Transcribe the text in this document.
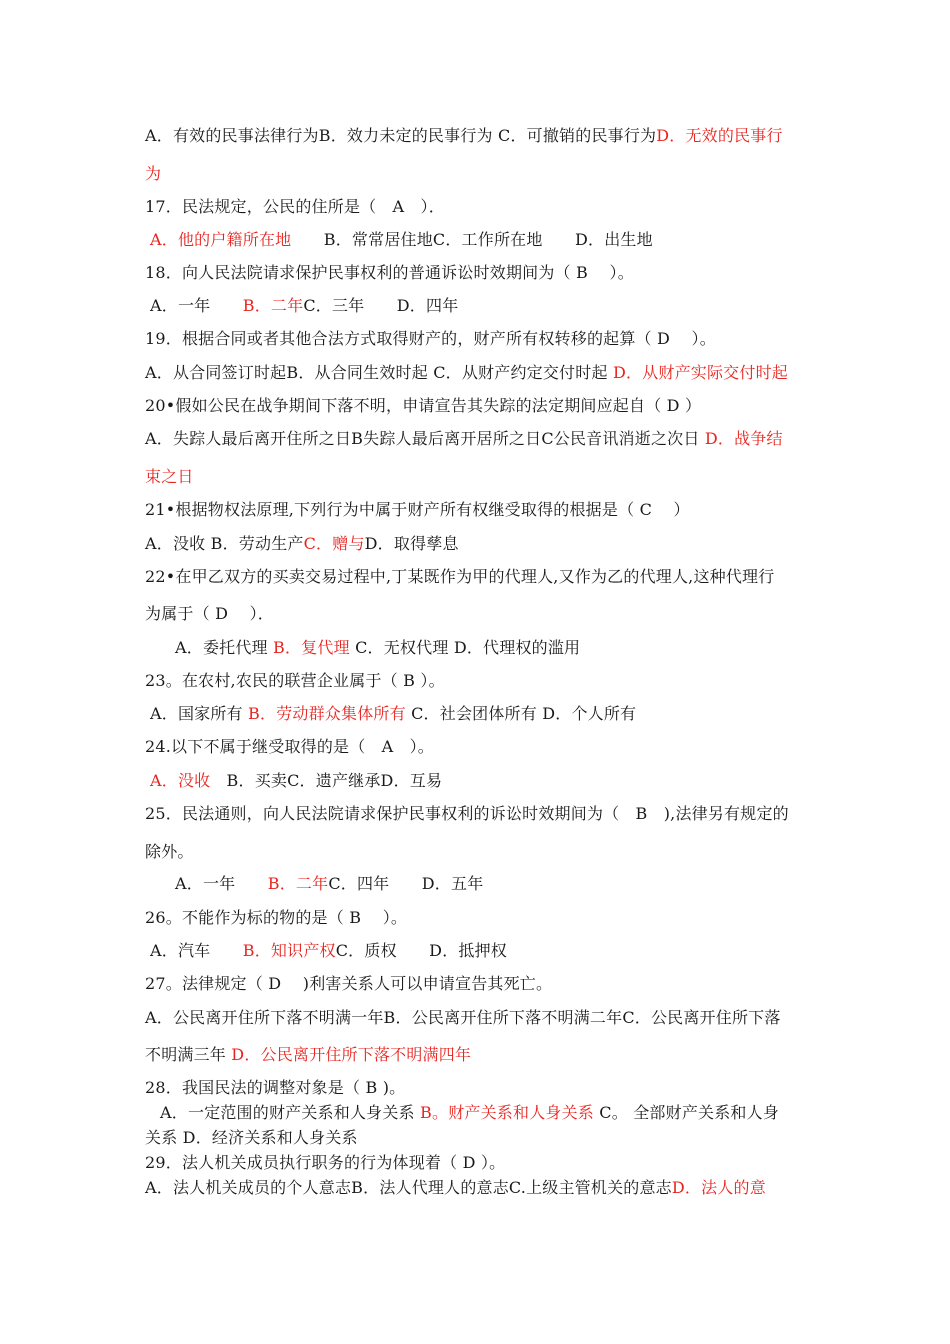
A．有效的民事法律行为B．效力未定的民事行为 C．可撤销的民事行为D．无效的民事行
为
17．民法规定，公民的住所是（　A　）．
A．他的户籍所在地　　B．常常居住地C．工作所在地　　D．出生地
18．向人民法院请求保护民事权利的普通诉讼时效期间为（ B　 ）。
A．一年　　B．二年C．三年　　D．四年
19．根据合同或者其他合法方式取得财产的，财产所有权转移的起算（ D　 ）。
A．从合同签订时起B．从合同生效时起 C．从财产约定交付时起 D．从财产实际交付时起
20•假如公民在战争期间下落不明，申请宣告其失踪的法定期间应起自（ D ）
A．失踪人最后离开住所之日B失踪人最后离开居所之日C公民音讯消逝之次日 D．战争结
束之日
21•根据物权法原理,下列行为中属于财产所有权继受取得的根据是（ C　 ）
A．没收 B．劳动生产C．赠与D．取得孳息
22•在甲乙双方的买卖交易过程中,丁某既作为甲的代理人,又作为乙的代理人,这种代理行
为属于（ D　 ）．
A．委托代理 B．复代理 C．无权代理 D．代理权的滥用
23。在农村,农民的联营企业属于（ B ）。
A．国家所有 B．劳动群众集体所有 C．社会团体所有 D．个人所有
24.以下不属于继受取得的是（　A　）。
A．没收　B．买卖C．遗产继承D．互易
25．民法通则，向人民法院请求保护民事权利的诉讼时效期间为（　B　),法律另有规定的
除外。
A．一年　　B．二年C．四年　　D．五年
26。不能作为标的物的是（ B　 ）。
A．汽车　　B．知识产权C．质权　　D．抵押权
27。法律规定（ D　 )利害关系人可以申请宣告其死亡。
A．公民离开住所下落不明满一年B．公民离开住所下落不明满二年C．公民离开住所下落
不明满三年 D．公民离开住所下落不明满四年
28．我国民法的调整对象是（ B )。
A．一定范围的财产关系和人身关系 B。财产关系和人身关系 C。 全部财产关系和人身
关系 D．经济关系和人身关系
29．法人机关成员执行职务的行为体现着（ D ）。
A．法人机关成员的个人意志B．法人代理人的意志C.上级主管机关的意志D．法人的意
